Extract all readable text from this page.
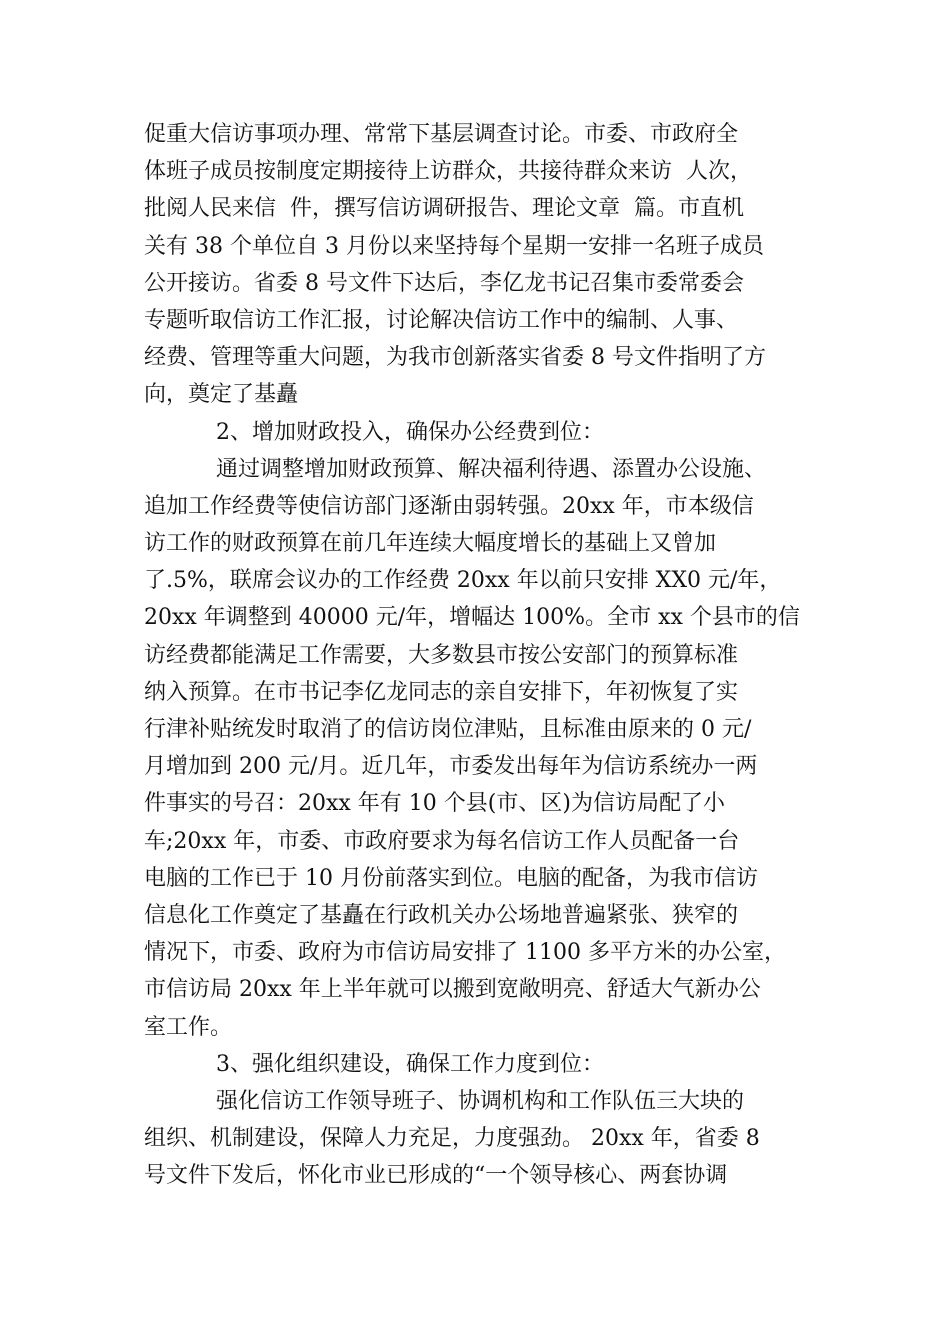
促重大信访事项办理、常常下基层调查讨论。市委、市政府全
体班子成员按制度定期接待上访群众，共接待群众来访  人次，
批阅人民来信  件，撰写信访调研报告、理论文章  篇。市直机
关有 38 个单位自 3 月份以来坚持每个星期一安排一名班子成员
公开接访。省委 8 号文件下达后，李亿龙书记召集市委常委会
专题听取信访工作汇报，讨论解决信访工作中的编制、人事、
经费、管理等重大问题，为我市创新落实省委 8 号文件指明了方
向，奠定了基矗
2、增加财政投入，确保办公经费到位：
通过调整增加财政预算、解决福利待遇、添置办公设施、
追加工作经费等使信访部门逐渐由弱转强。20xx 年，市本级信
访工作的财政预算在前几年连续大幅度增长的基础上又曾加
了.5%，联席会议办的工作经费 20xx 年以前只安排 XX0 元/年，
20xx 年调整到 40000 元/年，增幅达 100%。全市 xx 个县市的信
访经费都能满足工作需要，大多数县市按公安部门的预算标准
纳入预算。在市书记李亿龙同志的亲自安排下，年初恢复了实
行津补贴统发时取消了的信访岗位津贴，且标准由原来的 0 元/
月增加到 200 元/月。近几年，市委发出每年为信访系统办一两
件事实的号召：20xx 年有 10 个县(市、区)为信访局配了小
车;20xx 年，市委、市政府要求为每名信访工作人员配备一台
电脑的工作已于 10 月份前落实到位。电脑的配备，为我市信访
信息化工作奠定了基矗在行政机关办公场地普遍紧张、狭窄的
情况下，市委、政府为市信访局安排了 1100 多平方米的办公室，
市信访局 20xx 年上半年就可以搬到宽敞明亮、舒适大气新办公
室工作。
3、强化组织建设，确保工作力度到位：
强化信访工作领导班子、协调机构和工作队伍三大块的
组织、机制建设，保障人力充足，力度强劲。 20xx 年，省委 8
号文件下发后，怀化市业已形成的“一个领导核心、两套协调
